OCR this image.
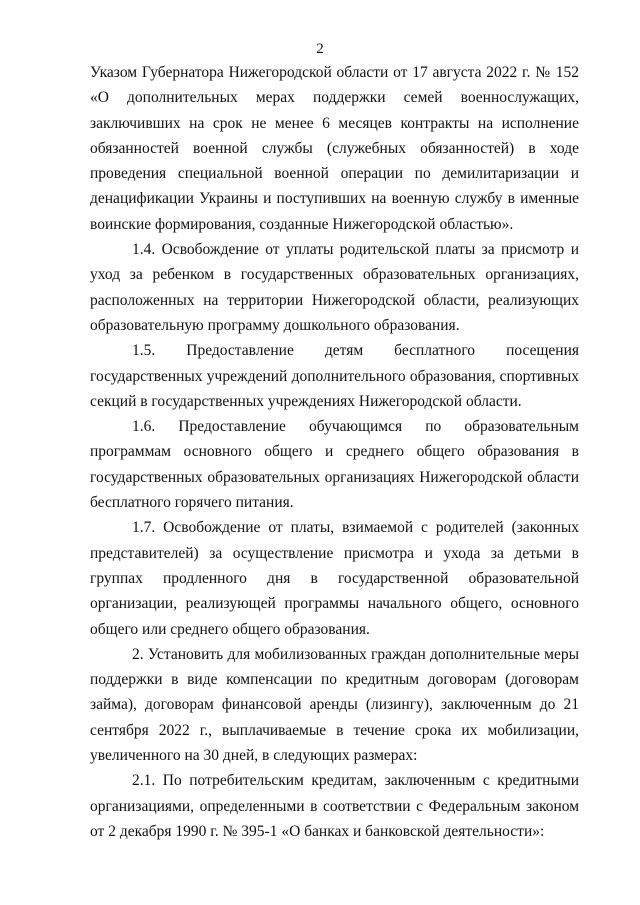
2

Указом Губернатора Нижегородской области от 17 августа 2022 г. № 152 «О дополнительных мерах поддержки семей военнослужащих, заключивших на срок не менее 6 месяцев контракты на исполнение обязанностей военной службы (служебных обязанностей) в ходе проведения специальной военной операции по демилитаризации и денацификации Украины и поступивших на военную службу в именные воинские формирования, созданные Нижегородской областью».

1.4. Освобождение от уплаты родительской платы за присмотр и уход за ребенком в государственных образовательных организациях, расположенных на территории Нижегородской области, реализующих образовательную программу дошкольного образования.

1.5. Предоставление детям бесплатного посещения государственных учреждений дополнительного образования, спортивных секций в государственных учреждениях Нижегородской области.

1.6. Предоставление обучающимся по образовательным программам основного общего и среднего общего образования в государственных образовательных организациях Нижегородской области бесплатного горячего питания.

1.7. Освобождение от платы, взимаемой с родителей (законных представителей) за осуществление присмотра и ухода за детьми в группах продленного дня в государственной образовательной организации, реализующей программы начального общего, основного общего или среднего общего образования.

2. Установить для мобилизованных граждан дополнительные меры поддержки в виде компенсации по кредитным договорам (договорам займа), договорам финансовой аренды (лизингу), заключенным до 21 сентября 2022 г., выплачиваемые в течение срока их мобилизации, увеличенного на 30 дней, в следующих размерах:

2.1. По потребительским кредитам, заключенным с кредитными организациями, определенными в соответствии с Федеральным законом от 2 декабря 1990 г. № 395-1 «О банках и банковской деятельности»:
